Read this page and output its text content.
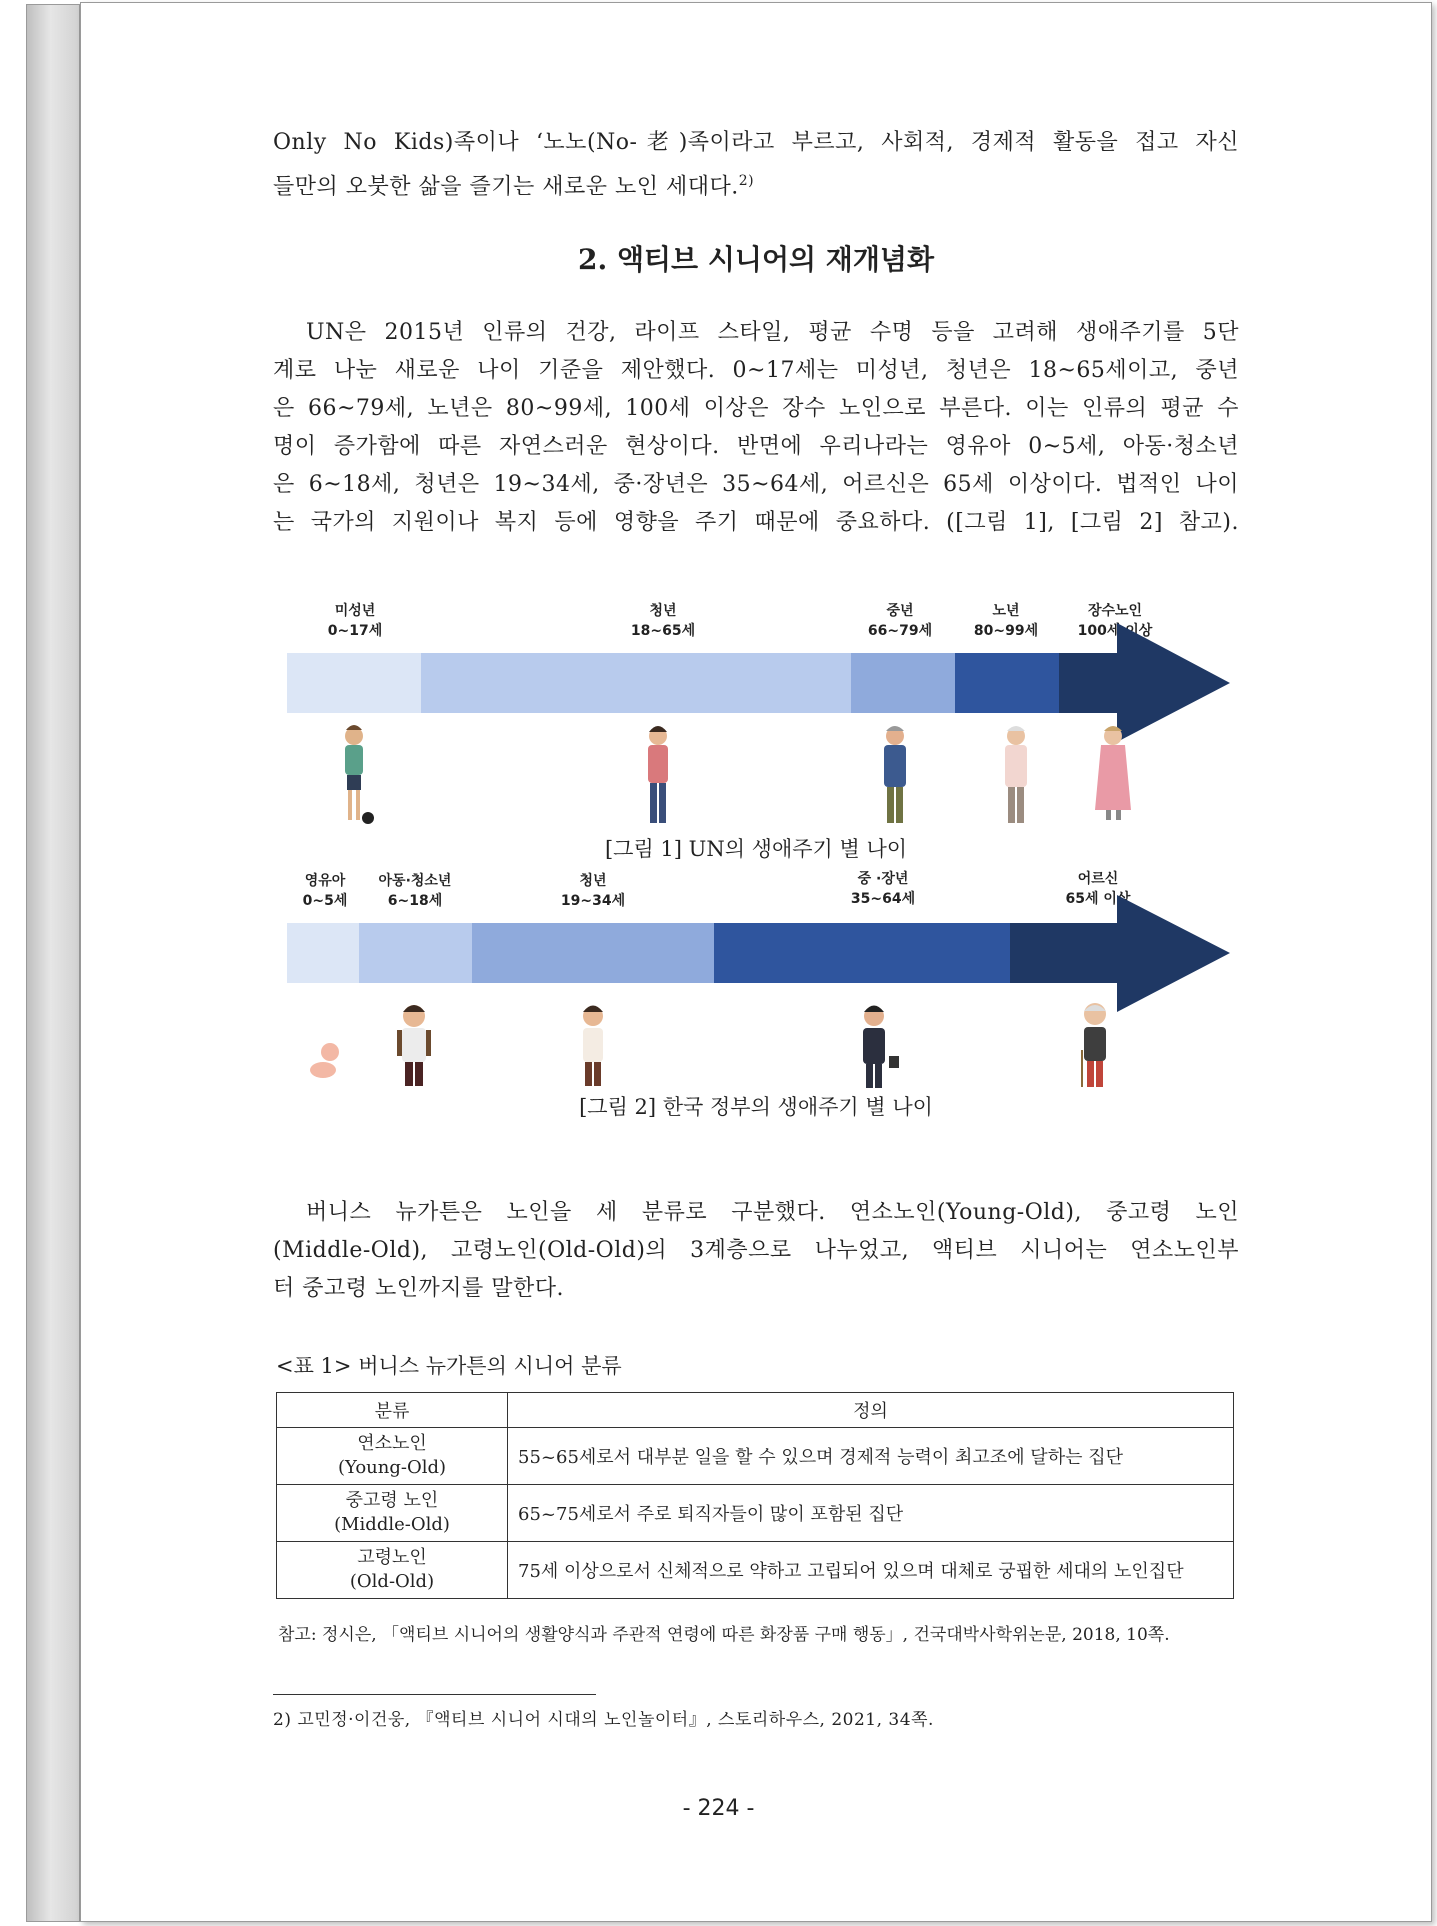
Only No Kids)족이나 ‘노노(No-老)족이라고 부르고, 사회적, 경제적 활동을 접고 자신

들만의 오붓한 삶을 즐기는 새로운 노인 세대다.$^{2)}$

2. 액티브 시니어의 재개념화

UN은 2015년 인류의 건강, 라이프 스타일, 평균 수명 등을 고려해 생애주기를 5단

계로 나눈 새로운 나이 기준을 제안했다. 0~17세는 미성년, 청년은 18~65세이고, 중년

은 66~79세, 노년은 80~99세, 100세 이상은 장수 노인으로 부른다. 이는 인류의 평균 수

명이 증가함에 따른 자연스러운 현상이다. 반면에 우리나라는 영유아 0~5세, 아동·청소년

은 6~18세, 청년은 19~34세, 중·장년은 35~64세, 어르신은 65세 이상이다. 법적인 나이

는 국가의 지원이나 복지 등에 영향을 주기 때문에 중요하다. ([그림 1], [그림 2] 참고).

미성년
0~17세
청년
18~65세
중년
66~79세
노년
80~99세
장수노인
100세 이상
영유아
0~5세
아동·청소년
6~18세
청년
19~34세
중 ·장년
35~64세
어르신
65세 이상
[그림 1] UN의 생애주기 별 나이
[그림 2] 한국 정부의 생애주기 별 나이

버니스 뉴가튼은 노인을 세 분류로 구분했다. 연소노인(Young-Old), 중고령 노인

(Middle-Old), 고령노인(Old-Old)의 3계층으로 나누었고, 액티브 시니어는 연소노인부

터 중고령 노인까지를 말한다.

<표 1> 버니스 뉴가튼의 시니어 분류
분류	정의
연소노인
(Young-Old)	55~65세로서 대부분 일을 할 수 있으며 경제적 능력이 최고조에 달하는 집단
중고령 노인
(Middle-Old)	65~75세로서 주로 퇴직자들이 많이 포함된 집단
고령노인
(Old-Old)	75세 이상으로서 신체적으로 약하고 고립되어 있으며 대체로 궁핍한 세대의 노인집단
참고: 정시은, 「액티브 시니어의 생활양식과 주관적 연령에 따른 화장품 구매 행동」, 건국대박사학위논문, 2018, 10쪽.
2) 고민정·이건웅, 『액티브 시니어 시대의 노인놀이터』, 스토리하우스, 2021, 34쪽.
- 224 -
